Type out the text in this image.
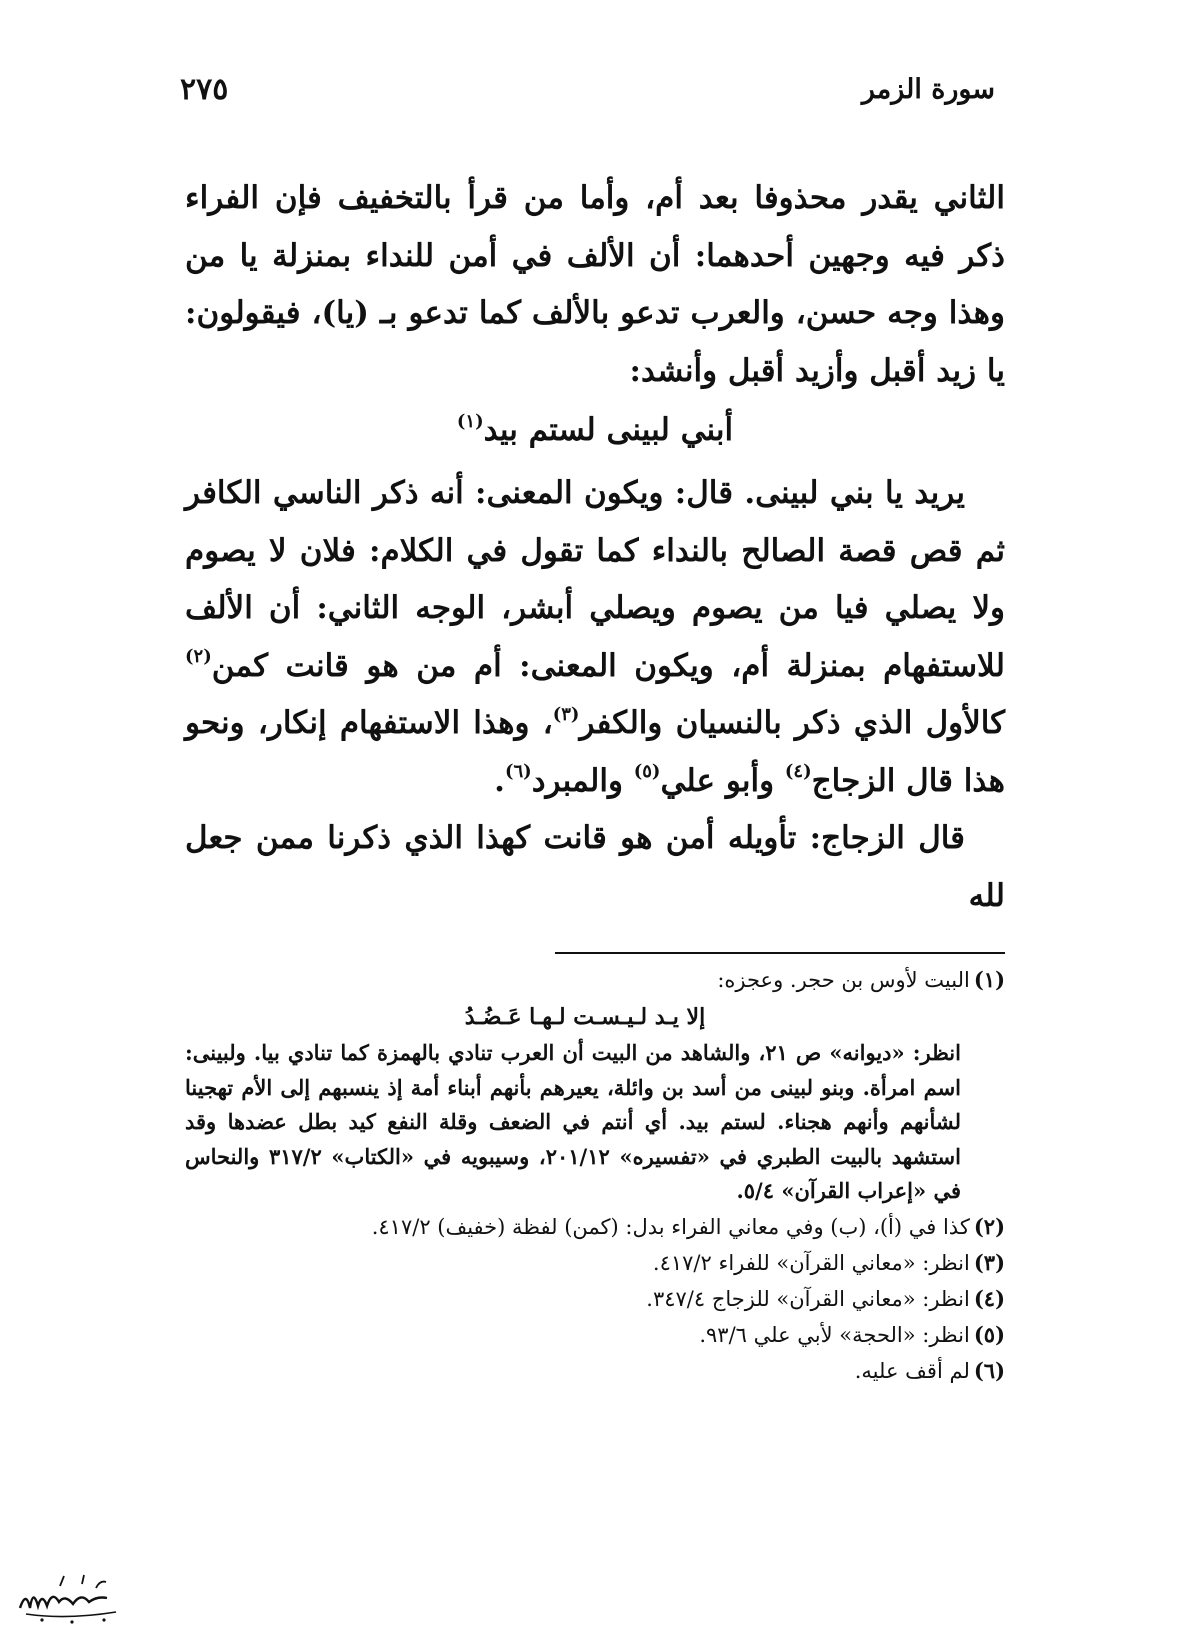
سورة الزمر
٢٧٥

الثاني يقدر محذوفا بعد أم، وأما من قرأ بالتخفيف فإن الفراء ذكر فيه وجهين أحدهما: أن الألف في أمن للنداء بمنزلة يا من وهذا وجه حسن، والعرب تدعو بالألف كما تدعو بـ (يا)، فيقولون: يا زيد أقبل وأزيد أقبل وأنشد:

أبني لبينى لستم بيد$^{(١)}$

يريد يا بني لبينى. قال: ويكون المعنى: أنه ذكر الناسي الكافر ثم قص قصة الصالح بالنداء كما تقول في الكلام: فلان لا يصوم ولا يصلي فيا من يصوم ويصلي أبشر، الوجه الثاني: أن الألف للاستفهام بمنزلة أم، ويكون المعنى: أم من هو قانت كمن$^{(٢)}$ كالأول الذي ذكر بالنسيان والكفر$^{(٣)}$، وهذا الاستفهام إنكار، ونحو هذا قال الزجاج$^{(٤)}$ وأبو علي$^{(٥)}$ والمبرد$^{(٦)}$.

قال الزجاج: تأويله أمن هو قانت كهذا الذي ذكرنا ممن جعل لله

(١)البيت لأوس بن حجر. وعجزه:

إلا يـد لـيـسـت لـهـا عَـضُـدُ

انظر: «ديوانه» ص ٢١، والشاهد من البيت أن العرب تنادي بالهمزة كما تنادي بيا. ولبينى: اسم امرأة. وبنو لبينى من أسد بن وائلة، يعيرهم بأنهم أبناء أمة إذ ينسبهم إلى الأم تهجينا لشأنهم وأنهم هجناء. لستم بيد. أي أنتم في الضعف وقلة النفع كيد بطل عضدها وقد استشهد بالبيت الطبري في «تفسيره» ٢٠١/١٢، وسيبويه في «الكتاب» ٣١٧/٢ والنحاس في «إعراب القرآن» ٥/٤.

(٢)كذا في (أ)، (ب) وفي معاني الفراء بدل: (كمن) لفظة (خفيف) ٤١٧/٢.

(٣)انظر: «معاني القرآن» للفراء ٤١٧/٢.

(٤)انظر: «معاني القرآن» للزجاج ٣٤٧/٤.

(٥)انظر: «الحجة» لأبي علي ٩٣/٦.

(٦)لم أقف عليه.
